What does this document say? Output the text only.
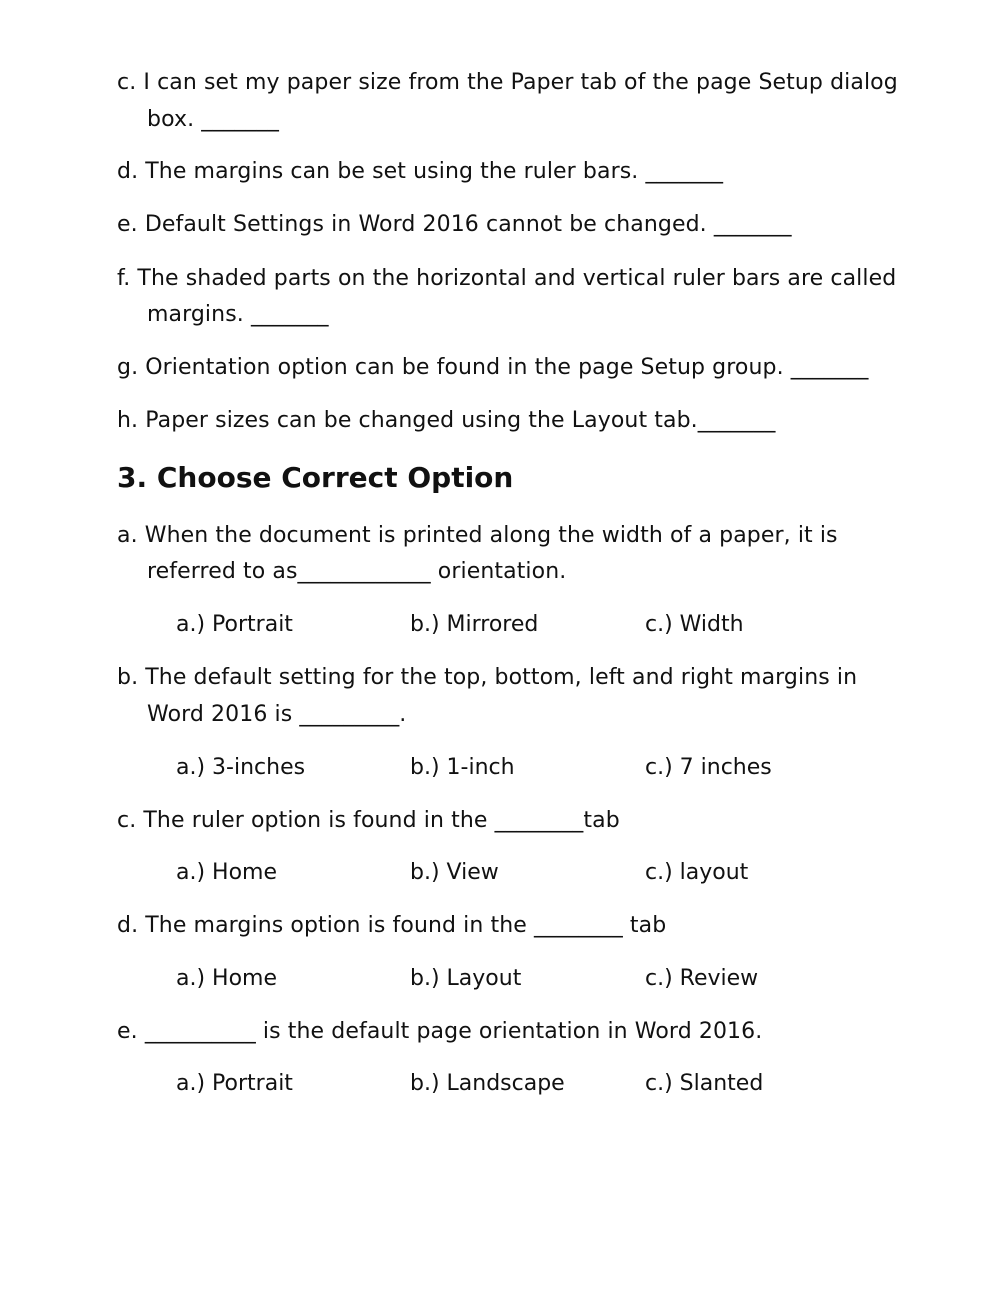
c. I can set my paper size from the Paper tab of the page Setup dialog
box. _______
d. The margins can be set using the ruler bars. _______
e. Default Settings in Word 2016 cannot be changed. _______
f. The shaded parts on the horizontal and vertical ruler bars are called
margins. _______
g. Orientation option can be found in the page Setup group. _______
h. Paper sizes can be changed using the Layout tab._______
3. Choose Correct Option
a. When the document is printed along the width of a paper, it is
referred to as____________ orientation.
a.) Portrait	b.) Mirrored	c.) Width
b. The default setting for the top, bottom, left and right margins in
Word 2016 is _________.
a.) 3-inches	b.) 1-inch	c.) 7 inches
c. The ruler option is found in the ________tab
a.) Home	b.) View	c.) layout
d. The margins option is found in the ________ tab
a.) Home	b.) Layout	c.) Review
e. __________ is the default page orientation in Word 2016.
a.) Portrait	b.) Landscape	c.) Slanted
